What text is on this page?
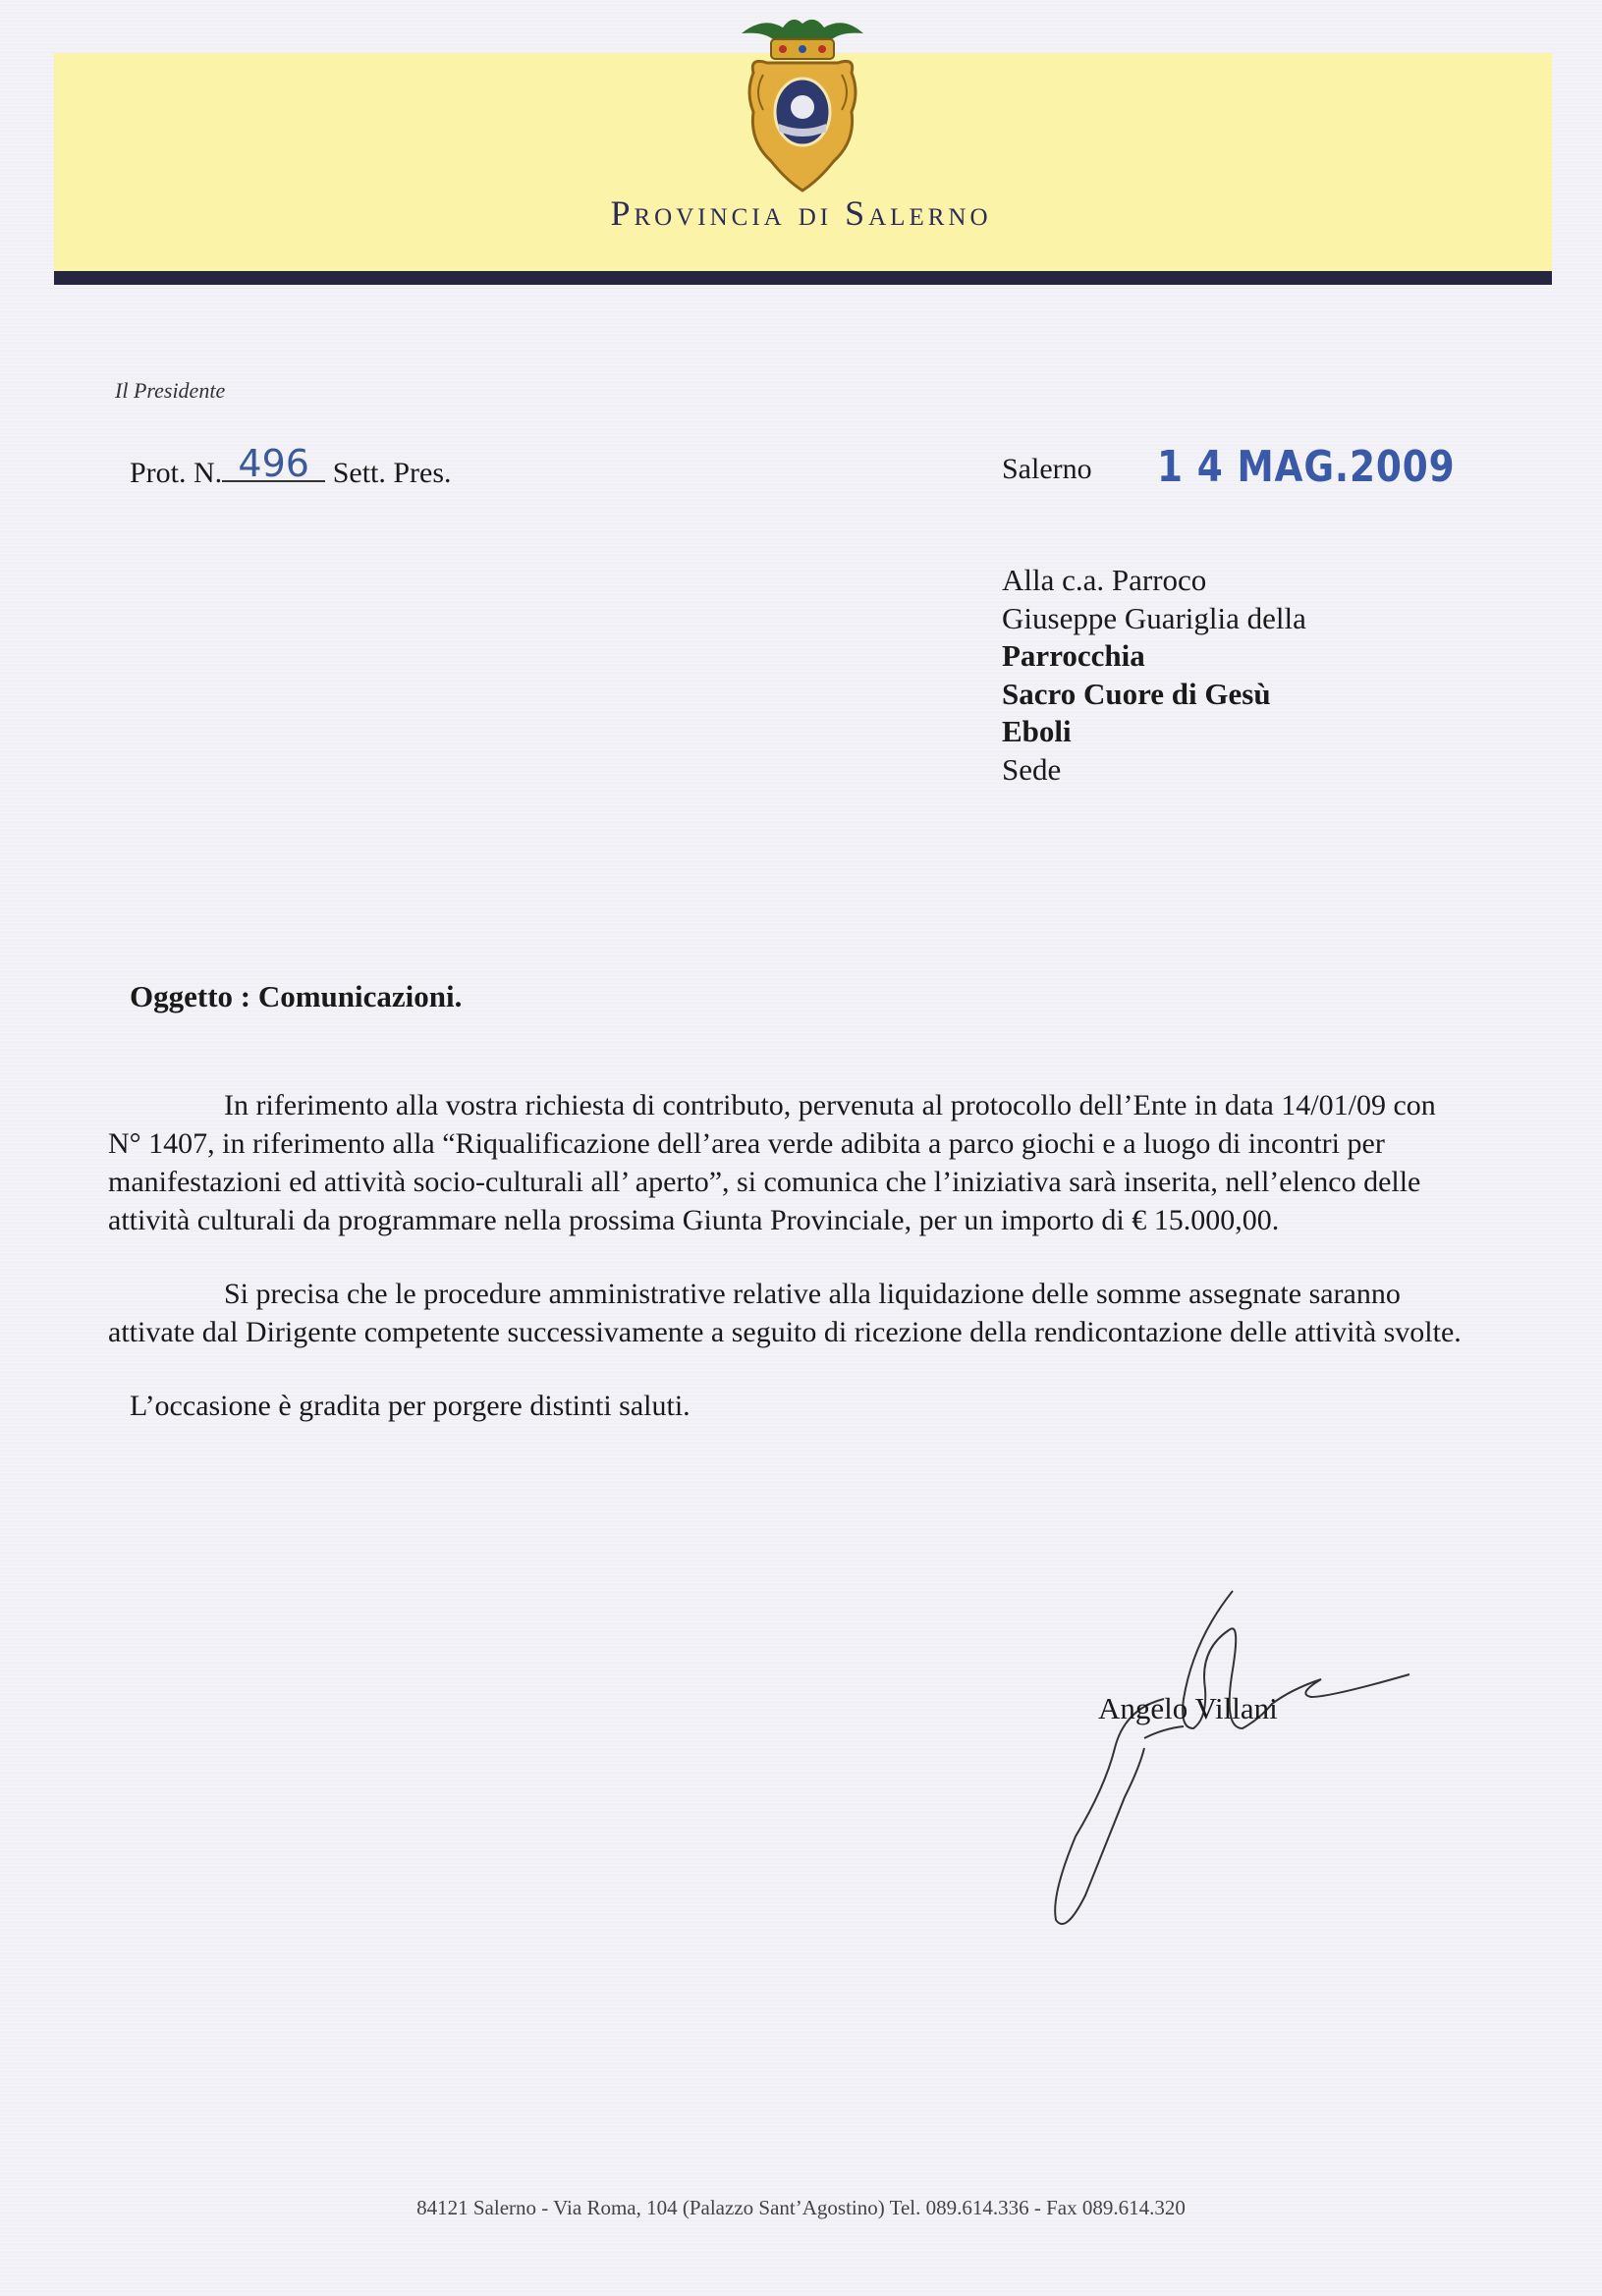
Provincia di Salerno
Il Presidente
Prot. N. 496 Sett. Pres.	Salerno 1 4 MAG.2009
Alla c.a. Parroco
Giuseppe Guariglia della
Parrocchia
Sacro Cuore di Gesù
Eboli
Sede
Oggetto : Comunicazioni.

In riferimento alla vostra richiesta di contributo, pervenuta al protocollo dell’Ente in data 14/01/09 con N° 1407, in riferimento alla “Riqualificazione dell’area verde adibita a parco giochi e a luogo di incontri per manifestazioni ed attività socio-culturali all’ aperto”, si comunica che l’iniziativa sarà inserita, nell’elenco delle attività culturali da programmare nella prossima Giunta Provinciale, per un importo di € 15.000,00.

Si precisa che le procedure amministrative relative alla liquidazione delle somme assegnate saranno attivate dal Dirigente competente successivamente a seguito di ricezione della rendicontazione delle attività svolte.

L’occasione è gradita per porgere distinti saluti.

Angelo Villani
84121 Salerno - Via Roma, 104 (Palazzo Sant’Agostino) Tel. 089.614.336 - Fax 089.614.320
